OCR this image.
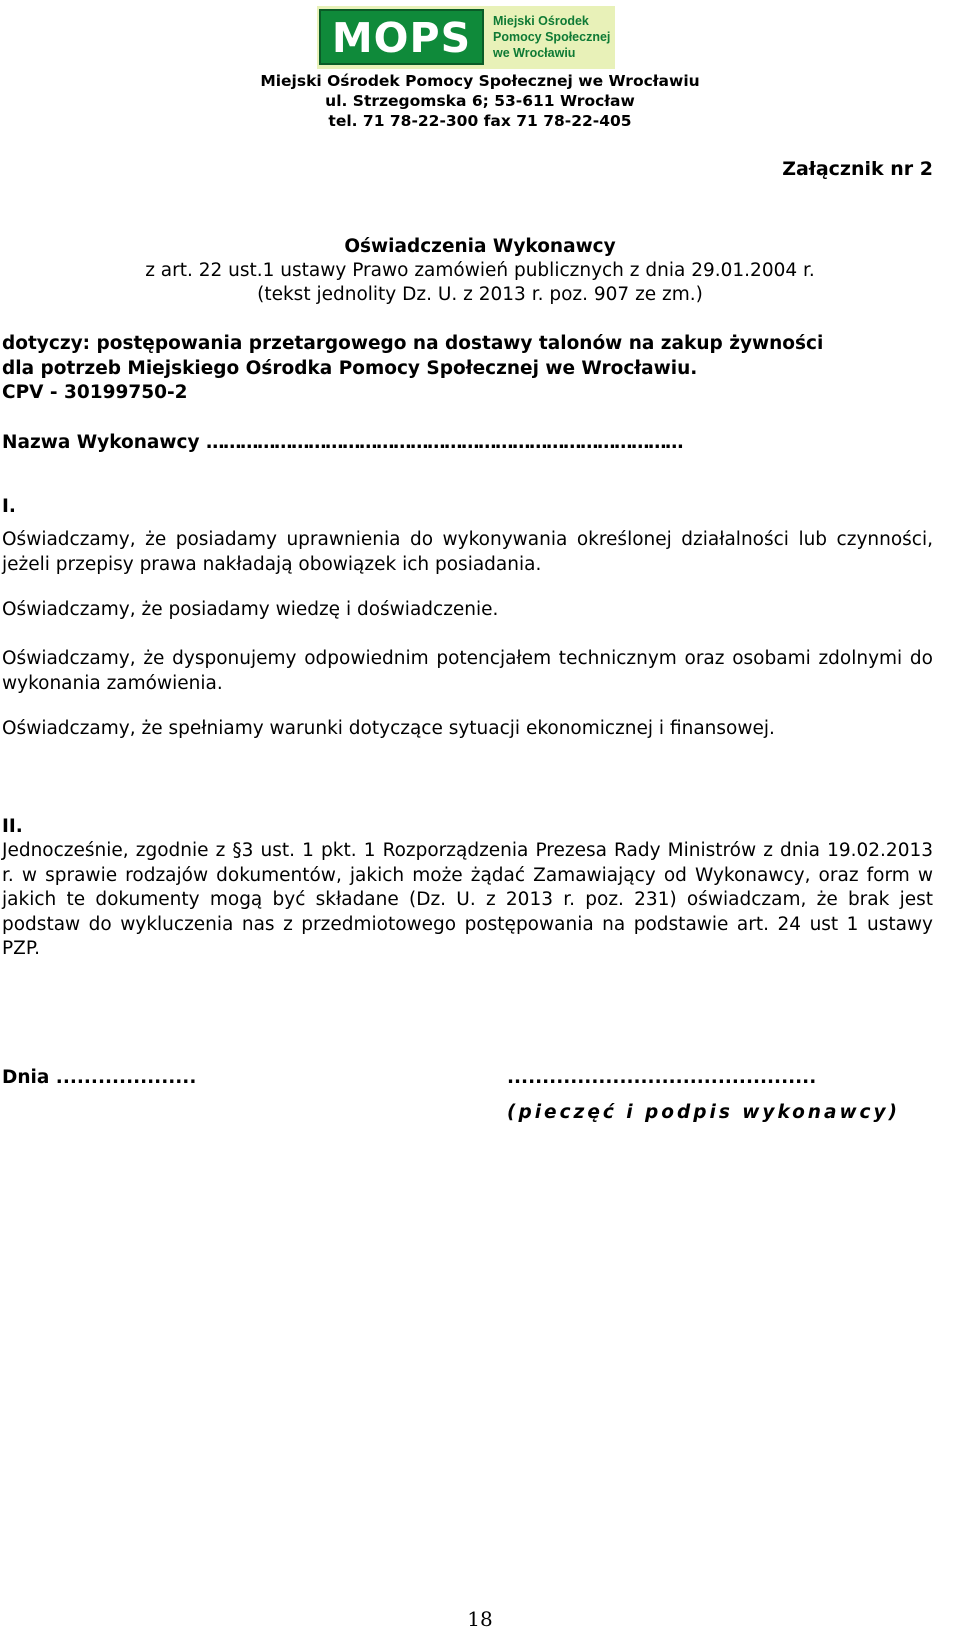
MOPS	Miejski Ośrodek
Pomocy Społecznej
we Wrocławiu
Miejski Ośrodek Pomocy Społecznej we Wrocławiu
ul. Strzegomska 6; 53-611 Wrocław
tel. 71 78-22-300 fax 71 78-22-405
Załącznik nr 2
Oświadczenia Wykonawcy
z art. 22 ust.1 ustawy Prawo zamówień publicznych z dnia 29.01.2004 r.
(tekst jednolity Dz. U. z 2013 r. poz. 907 ze zm.)
dotyczy: postępowania przetargowego na dostawy talonów na zakup żywności
dla potrzeb Miejskiego Ośrodka Pomocy Społecznej we Wrocławiu.
CPV - 30199750-2
Nazwa Wykonawcy …………………………………………………………………………
I.
Oświadczamy, że posiadamy uprawnienia do wykonywania określonej działalności lub czynności, jeżeli przepisy prawa nakładają obowiązek ich posiadania.
Oświadczamy, że posiadamy wiedzę i doświadczenie.
Oświadczamy, że dysponujemy odpowiednim potencjałem technicznym oraz osobami zdolnymi do wykonania zamówienia.
Oświadczamy, że spełniamy warunki dotyczące sytuacji ekonomicznej i finansowej.
II.
Jednocześnie, zgodnie z §3 ust. 1 pkt. 1 Rozporządzenia Prezesa Rady Ministrów z dnia 19.02.2013 r. w sprawie rodzajów dokumentów, jakich może żądać Zamawiający od Wykonawcy, oraz form w jakich te dokumenty mogą być składane (Dz. U. z 2013 r. poz. 231) oświadczam, że brak jest podstaw do wykluczenia nas z przedmiotowego postępowania na podstawie art. 24 ust 1 ustawy PZP.
Dnia ....................	............................................
(pieczęć i podpis wykonawcy)
18
